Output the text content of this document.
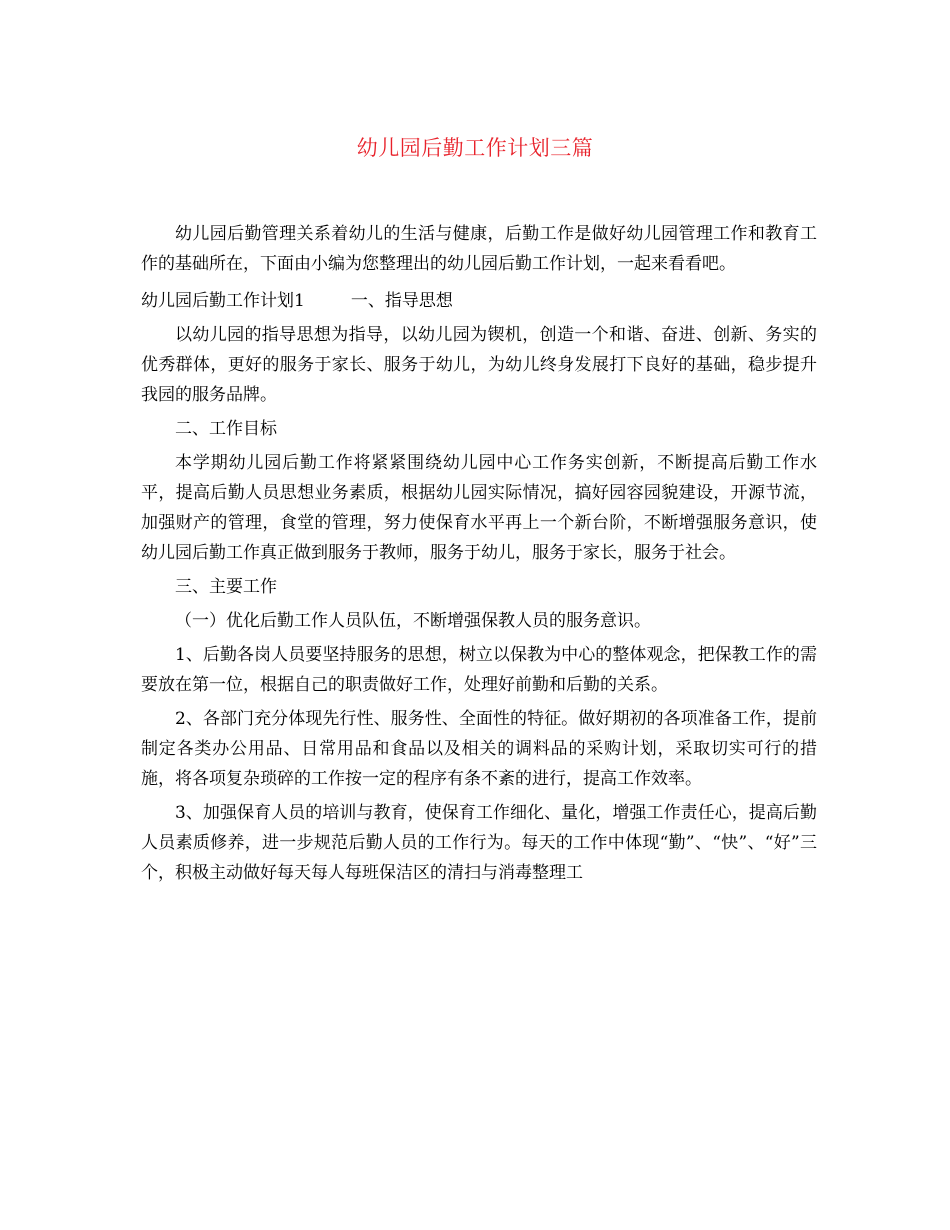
幼儿园后勤工作计划三篇

幼儿园后勤管理关系着幼儿的生活与健康，后勤工作是做好幼儿园管理工作和教育工作的基础所在，下面由小编为您整理出的幼儿园后勤工作计划，一起来看看吧。

幼儿园后勤工作计划1	一、指导思想

以幼儿园的指导思想为指导，以幼儿园为锲机，创造一个和谐、奋进、创新、务实的优秀群体，更好的服务于家长、服务于幼儿，为幼儿终身发展打下良好的基础，稳步提升我园的服务品牌。

二、工作目标

本学期幼儿园后勤工作将紧紧围绕幼儿园中心工作务实创新，不断提高后勤工作水平，提高后勤人员思想业务素质，根据幼儿园实际情况，搞好园容园貌建设，开源节流，加强财产的管理，食堂的管理，努力使保育水平再上一个新台阶，不断增强服务意识，使幼儿园后勤工作真正做到服务于教师，服务于幼儿，服务于家长，服务于社会。

三、主要工作

（一）优化后勤工作人员队伍，不断增强保教人员的服务意识。

1、后勤各岗人员要坚持服务的思想，树立以保教为中心的整体观念，把保教工作的需要放在第一位，根据自己的职责做好工作，处理好前勤和后勤的关系。

2、各部门充分体现先行性、服务性、全面性的特征。做好期初的各项准备工作，提前制定各类办公用品、日常用品和食品以及相关的调料品的采购计划，采取切实可行的措施，将各项复杂琐碎的工作按一定的程序有条不紊的进行，提高工作效率。

3、加强保育人员的培训与教育，使保育工作细化、量化，增强工作责任心，提高后勤人员素质修养，进一步规范后勤人员的工作行为。每天的工作中体现“勤”、“快”、“好”三个，积极主动做好每天每人每班保洁区的清扫与消毒整理工
